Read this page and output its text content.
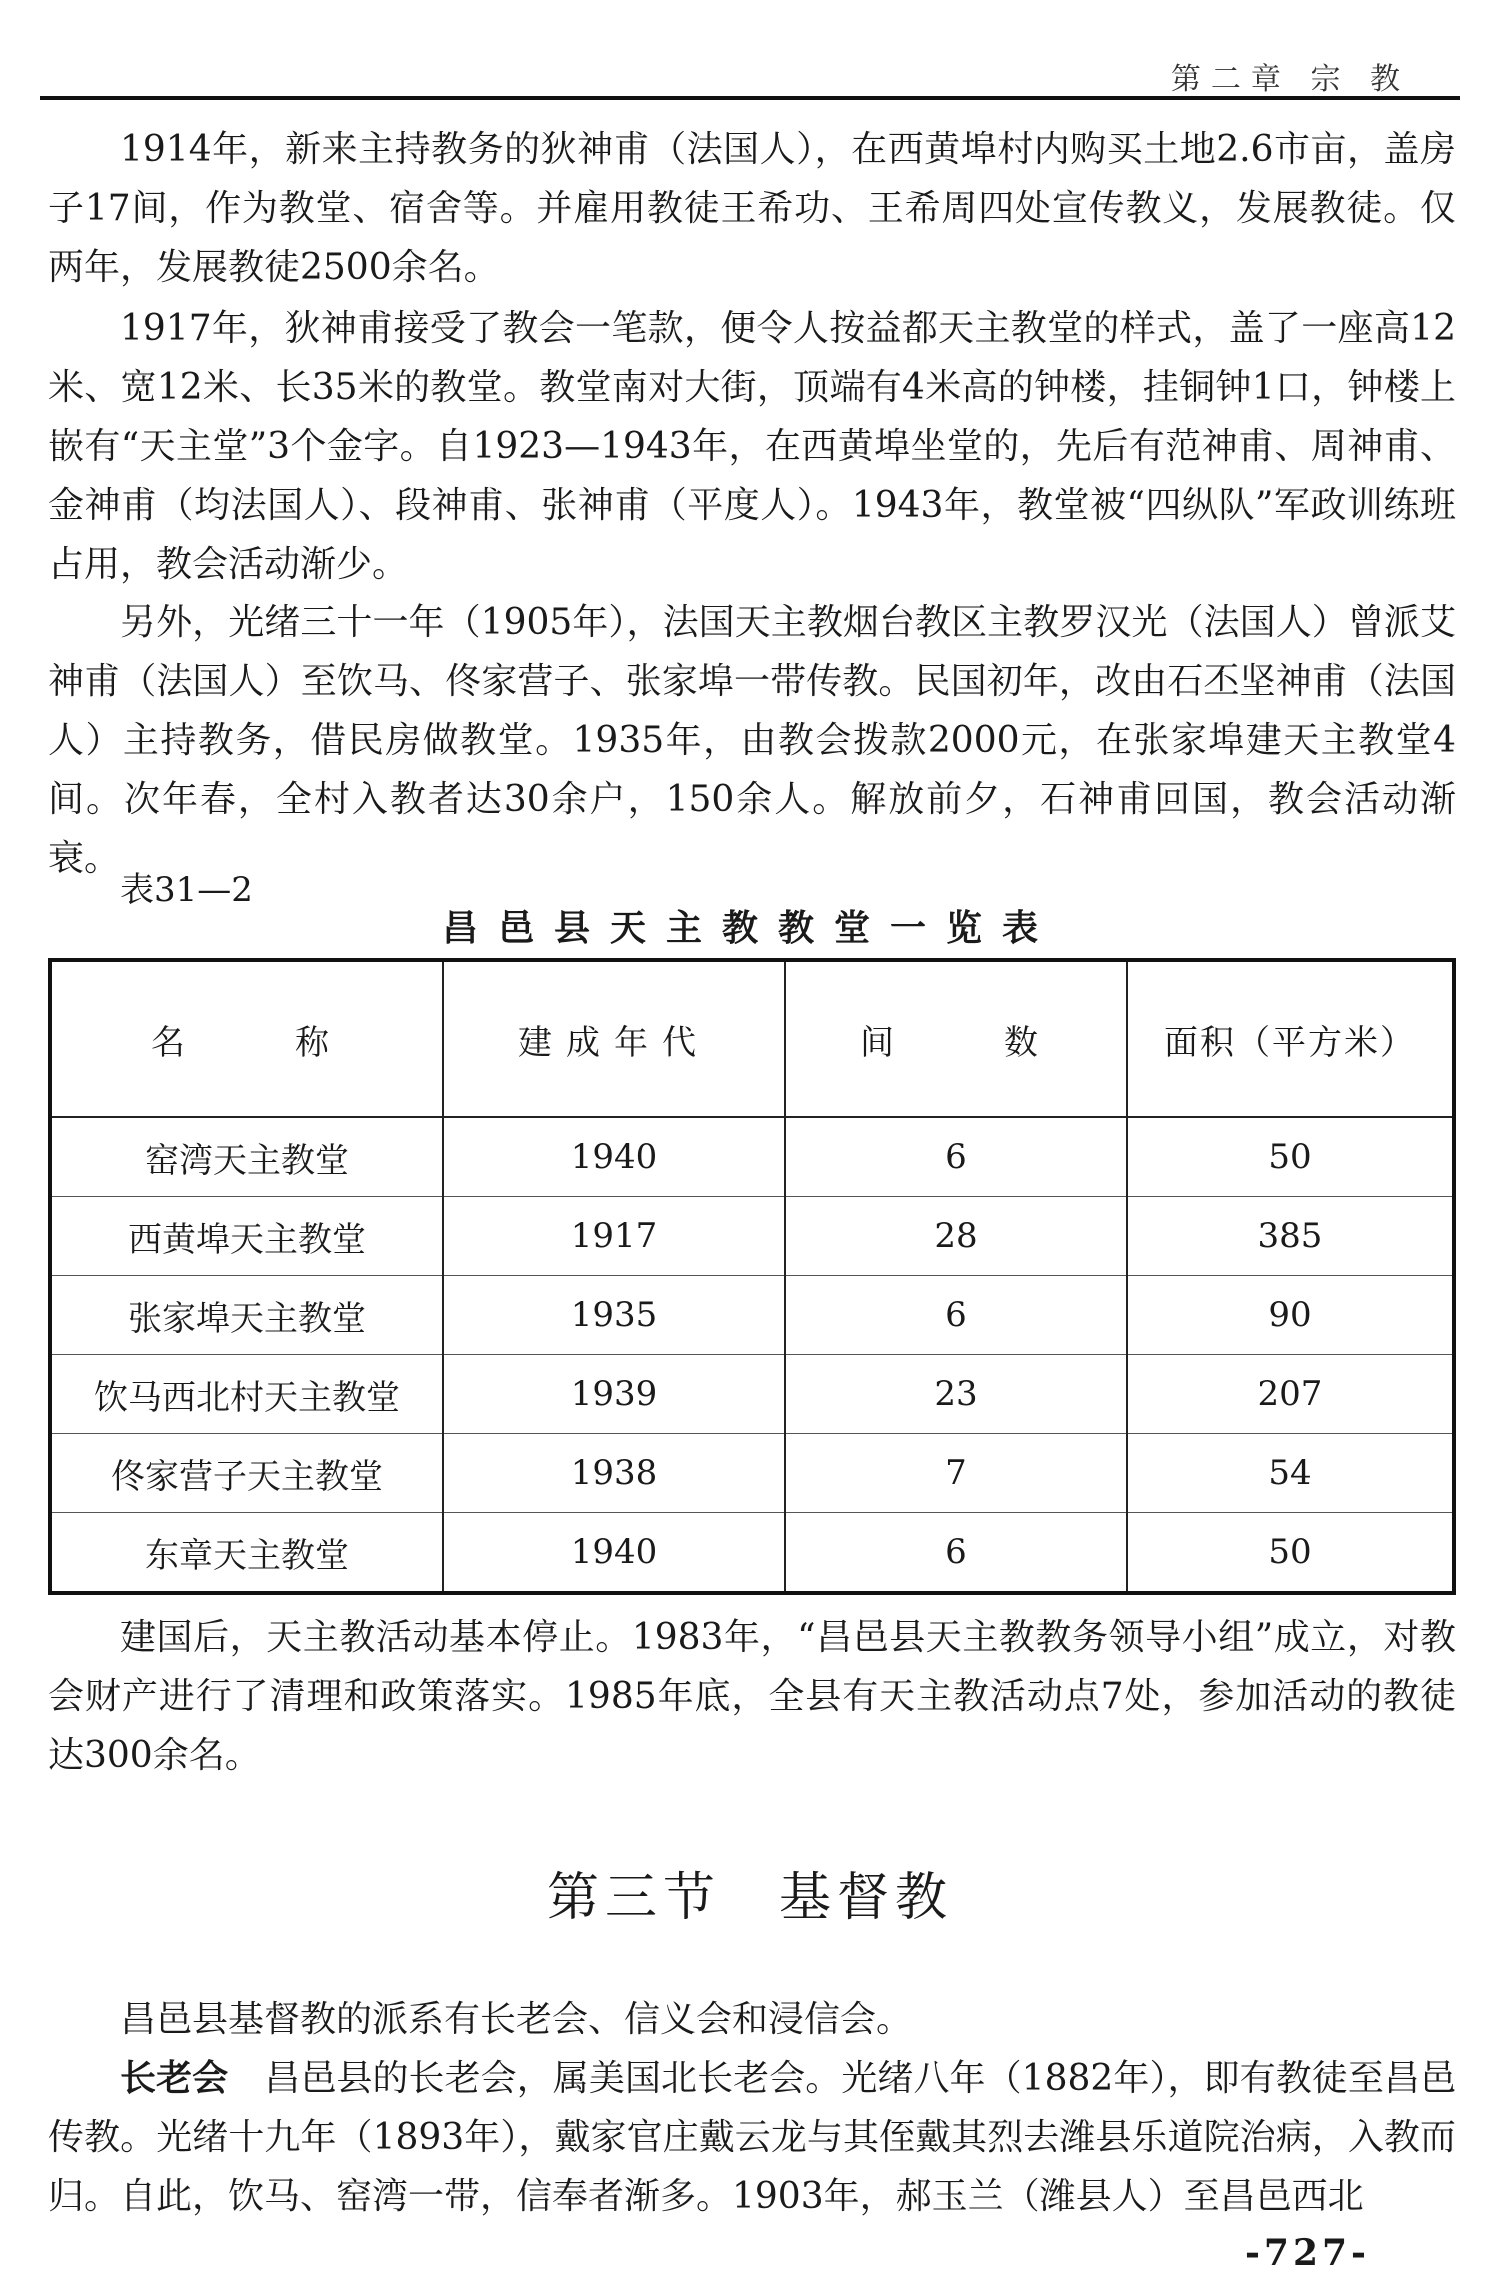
第二章 宗 教

1914年，新来主持教务的狄神甫（法国人），在西黄埠村内购买土地2.6市亩，盖房子17间，作为教堂、宿舍等。并雇用教徒王希功、王希周四处宣传教义，发展教徒。仅两年，发展教徒2500余名。

1917年，狄神甫接受了教会一笔款，便令人按益都天主教堂的样式，盖了一座高12米、宽12米、长35米的教堂。教堂南对大街，顶端有4米高的钟楼，挂铜钟1口，钟楼上嵌有“天主堂”3个金字。自1923—1943年，在西黄埠坐堂的，先后有范神甫、周神甫、金神甫（均法国人）、段神甫、张神甫（平度人）。1943年，教堂被“四纵队”军政训练班占用，教会活动渐少。

另外，光绪三十一年（1905年），法国天主教烟台教区主教罗汉光（法国人）曾派艾神甫（法国人）至饮马、佟家营子、张家埠一带传教。民国初年，改由石丕坚神甫（法国人）主持教务，借民房做教堂。1935年，由教会拨款2000元，在张家埠建天主教堂4间。次年春，全村入教者达30余户，150余人。解放前夕，石神甫回国，教会活动渐衰。

表31—2
昌邑县天主教教堂一览表
名　　称	建成年代	间　　数	面积（平方米）
窑湾天主教堂	1940	6	50
西黄埠天主教堂	1917	28	385
张家埠天主教堂	1935	6	90
饮马西北村天主教堂	1939	23	207
佟家营子天主教堂	1938	7	54
东章天主教堂	1940	6	50

建国后，天主教活动基本停止。1983年，“昌邑县天主教教务领导小组”成立，对教会财产进行了清理和政策落实。1985年底，全县有天主教活动点7处，参加活动的教徒达300余名。

第三节　基督教

昌邑县基督教的派系有长老会、信义会和浸信会。

长老会　昌邑县的长老会，属美国北长老会。光绪八年（1882年），即有教徒至昌邑传教。光绪十九年（1893年），戴家官庄戴云龙与其侄戴其烈去潍县乐道院治病，入教而归。自此，饮马、窑湾一带，信奉者渐多。1903年，郝玉兰（潍县人）至昌邑西北

-727-
